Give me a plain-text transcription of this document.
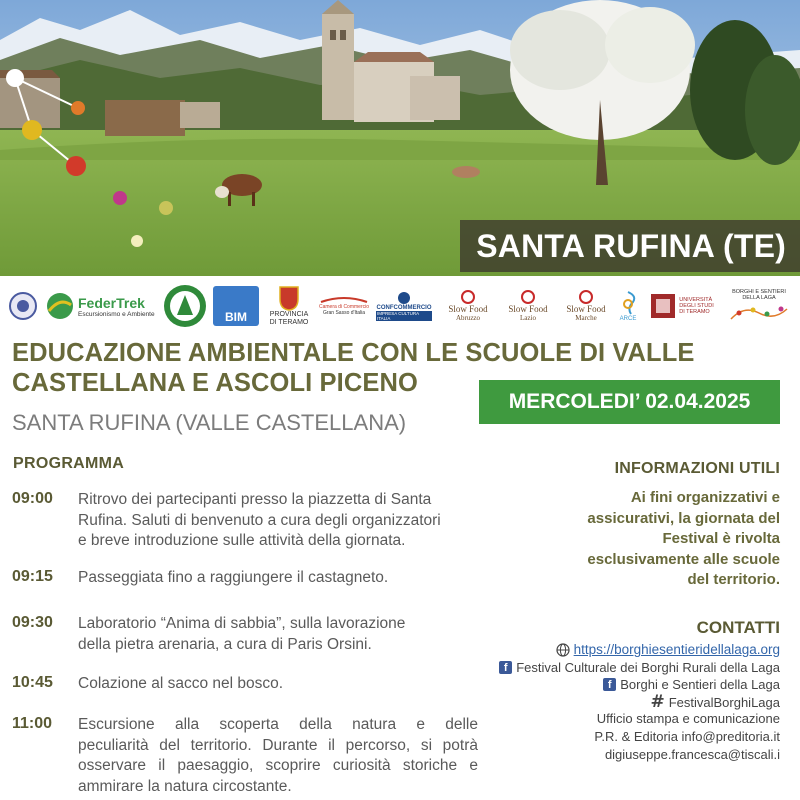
SANTA RUFINA (TE)
FederTrek
Escursionismo e Ambiente	BIM	PROVINCIA
DI TERAMO
Camera di Commercio
Gran Sasso d'Italia
CONFCOMMERCIO
IMPRESA CULTURA ITALIA
Slow Food
Abruzzo
Slow Food
Lazio
Slow Food
Marche	ARCE
UNIVERSITÀ
DEGLI STUDI
DI TERAMO
BORGHI E SENTIERI
DELLA LAGA
EDUCAZIONE AMBIENTALE CON LE SCUOLE DI VALLE
CASTELLANA E ASCOLI PICENO
MERCOLEDI’ 02.04.2025
SANTA RUFINA (VALLE CASTELLANA)
PROGRAMMA
09:00 Ritrovo dei partecipanti presso la piazzetta di Santa
Rufina. Saluti di benvenuto a cura degli organizzatori
e breve introduzione sulle attività della giornata.
09:15 Passeggiata fino a raggiungere il castagneto.
09:30 Laboratorio “Anima di sabbia”, sulla lavorazione
della pietra arenaria, a cura di Paris Orsini.
10:45 Colazione al sacco nel bosco.
11:00 Escursione alla scoperta della natura e delle
peculiarità del territorio. Durante il percorso, si potrà
osservare il paesaggio, scoprire curiosità storiche e
ammirare la natura circostante.
INFORMAZIONI UTILI
Ai fini organizzativi e
assicurativi, la giornata del
Festival è rivolta
esclusivamente alle scuole
del territorio.
CONTATTI
https://borghiesentieridellalaga.org
f Festival Culturale dei Borghi Rurali della Laga
f Borghi e Sentieri della Laga
# FestivalBorghiLaga
Ufficio stampa e comunicazione
P.R. & Editoria info@preditoria.it
digiuseppe.francesca@tiscali.i
